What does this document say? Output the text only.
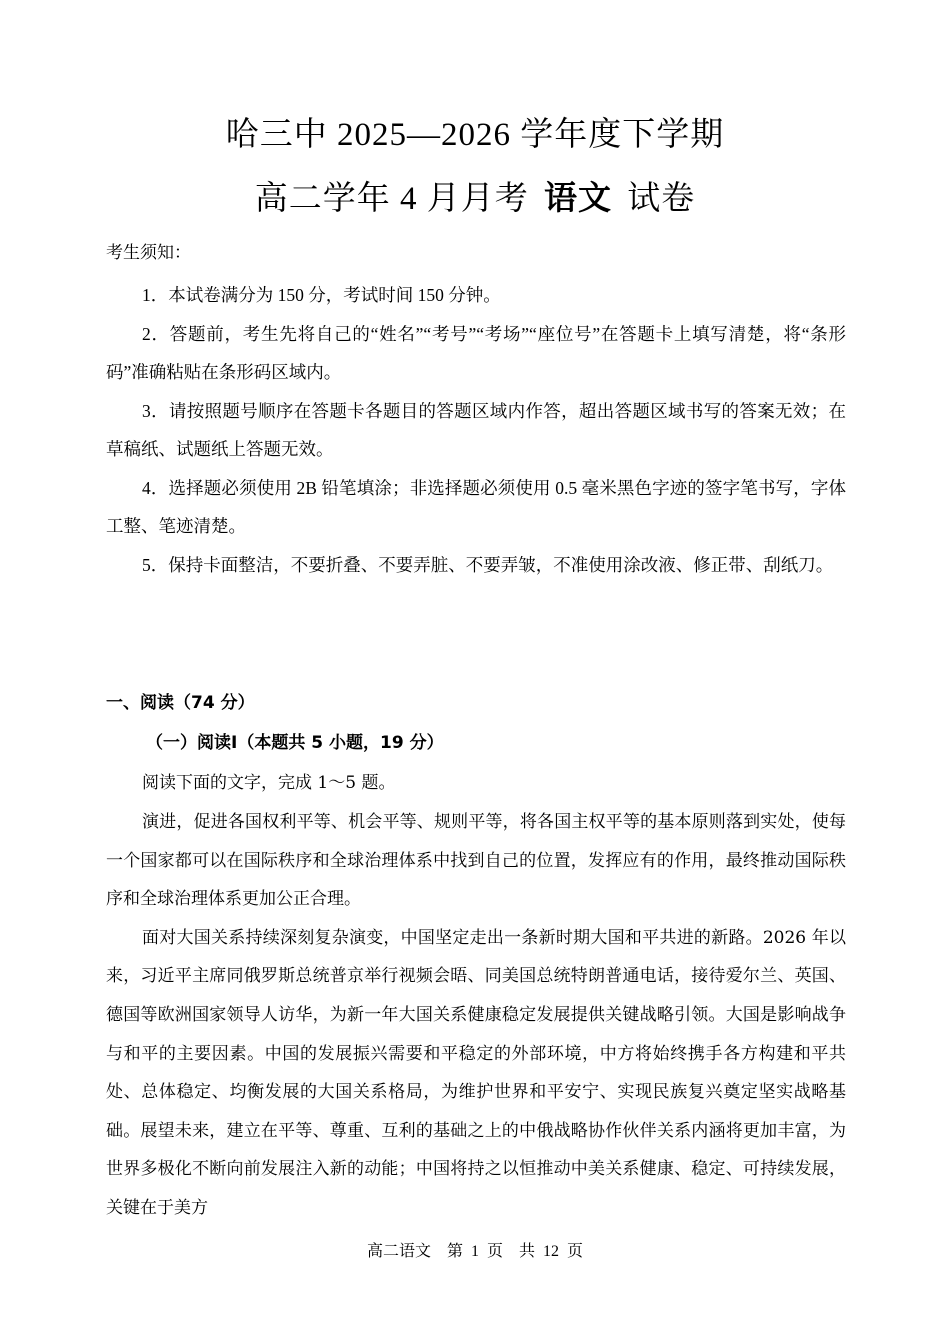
哈三中 2025—2026 学年度下学期
高二学年 4 月月考 语文 试卷
考生须知：
1．本试卷满分为 150 分，考试时间 150 分钟。
2．答题前，考生先将自己的“姓名”“考号”“考场”“座位号”在答题卡上填写清楚，将“条形码”准确粘贴在条形码区域内。
3．请按照题号顺序在答题卡各题目的答题区域内作答，超出答题区域书写的答案无效；在草稿纸、试题纸上答题无效。
4．选择题必须使用 2B 铅笔填涂；非选择题必须使用 0.5 毫米黑色字迹的签字笔书写，字体工整、笔迹清楚。
5．保持卡面整洁，不要折叠、不要弄脏、不要弄皱，不准使用涂改液、修正带、刮纸刀。
一、阅读（74 分）
（一）阅读Ⅰ（本题共 5 小题，19 分）
阅读下面的文字，完成 1～5 题。
演进，促进各国权利平等、机会平等、规则平等，将各国主权平等的基本原则落到实处，使每一个国家都可以在国际秩序和全球治理体系中找到自己的位置，发挥应有的作用，最终推动国际秩序和全球治理体系更加公正合理。
面对大国关系持续深刻复杂演变，中国坚定走出一条新时期大国和平共进的新路。2026 年以来，习近平主席同俄罗斯总统普京举行视频会晤、同美国总统特朗普通电话，接待爱尔兰、英国、德国等欧洲国家领导人访华，为新一年大国关系健康稳定发展提供关键战略引领。大国是影响战争与和平的主要因素。中国的发展振兴需要和平稳定的外部环境，中方将始终携手各方构建和平共处、总体稳定、均衡发展的大国关系格局，为维护世界和平安宁、实现民族复兴奠定坚实战略基础。展望未来，建立在平等、尊重、互利的基础之上的中俄战略协作伙伴关系内涵将更加丰富，为世界多极化不断向前发展注入新的动能；中国将持之以恒推动中美关系健康、稳定、可持续发展，关键在于美方
高二语文　第 1 页　共 12 页
